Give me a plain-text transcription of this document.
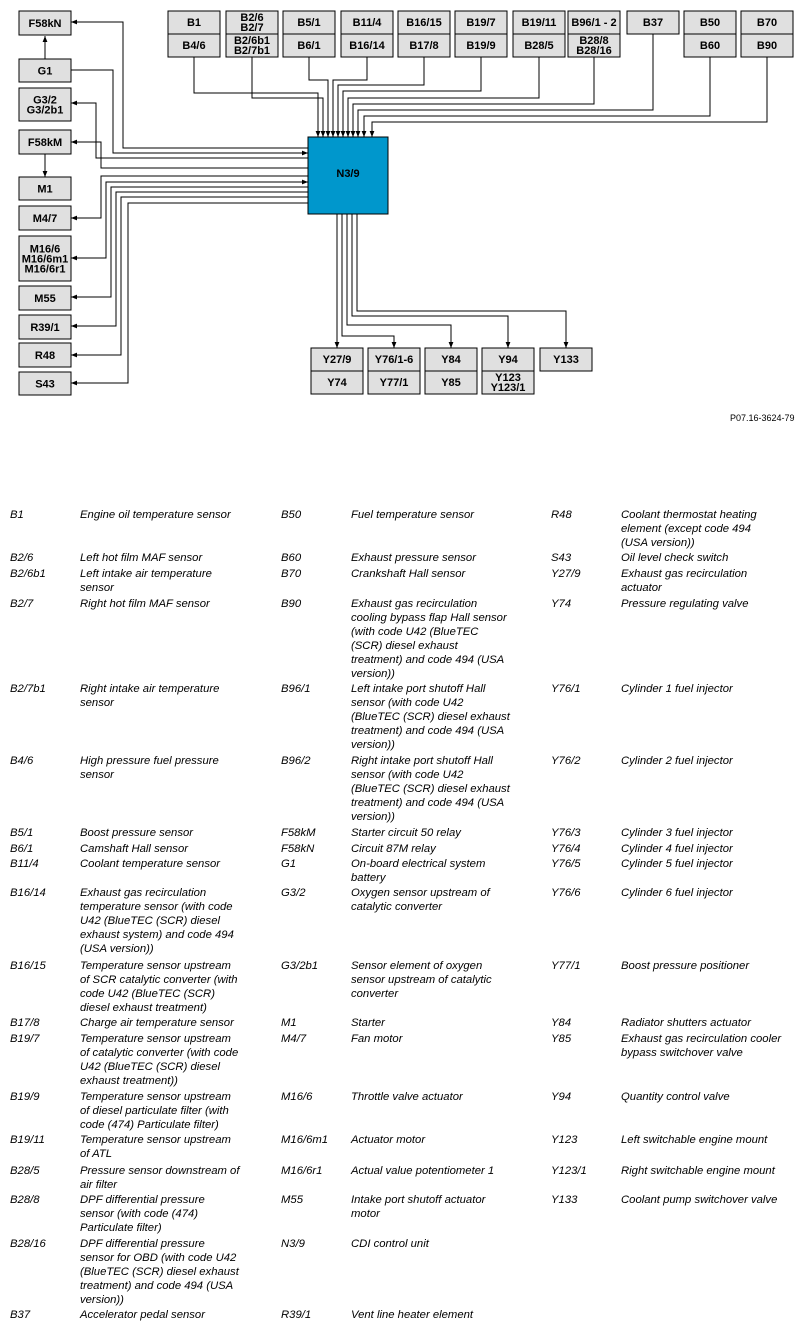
B1
B4/6
B2/6
B2/7
B2/6b1
B2/7b1
B5/1
B6/1
B11/4
B16/14
B16/15
B17/8
B19/7
B19/9
B19/11
B28/5
B96/1 - 2
B28/8
B28/16
B37	B50
B60
B70
B90
F58kN
G1
G3/2
G3/2b1
F58kM
M1
M4/7
M16/6
M16/6m1
M16/6r1
M55
R39/1
R48
S43
Y27/9
Y74
Y76/1-6
Y77/1
Y84
Y85
Y94
Y123
Y123/1
Y133
N3/9
P07.16-3624-79
B1	Engine oil temperature sensor
B2/6	Left hot film MAF sensor
B2/6b1	Left intake air temperature
sensor
B2/7	Right hot film MAF sensor
B2/7b1	Right intake air temperature
sensor
B4/6	High pressure fuel pressure
sensor
B5/1	Boost pressure sensor
B6/1	Camshaft Hall sensor
B11/4	Coolant temperature sensor
B16/14	Exhaust gas recirculation
temperature sensor (with code
U42 (BlueTEC (SCR) diesel
exhaust system) and code 494
(USA version))
B16/15	Temperature sensor upstream
of SCR catalytic converter (with
code U42 (BlueTEC (SCR)
diesel exhaust treatment)
B17/8	Charge air temperature sensor
B19/7	Temperature sensor upstream
of catalytic converter (with code
U42 (BlueTEC (SCR) diesel
exhaust treatment))
B19/9	Temperature sensor upstream
of diesel particulate filter (with
code (474) Particulate filter)
B19/11	Temperature sensor upstream
of ATL
B28/5	Pressure sensor downstream of
air filter
B28/8	DPF differential pressure
sensor (with code (474)
Particulate filter)
B28/16	DPF differential pressure
sensor for OBD (with code U42
(BlueTEC (SCR) diesel exhaust
treatment) and code 494 (USA
version))
B37	Accelerator pedal sensor
B50	Fuel temperature sensor
B60	Exhaust pressure sensor
B70	Crankshaft Hall sensor
B90	Exhaust gas recirculation
cooling bypass flap Hall sensor
(with code U42 (BlueTEC
(SCR) diesel exhaust
treatment) and code 494 (USA
version))
B96/1	Left intake port shutoff Hall
sensor (with code U42
(BlueTEC (SCR) diesel exhaust
treatment) and code 494 (USA
version))
B96/2	Right intake port shutoff Hall
sensor (with code U42
(BlueTEC (SCR) diesel exhaust
treatment) and code 494 (USA
version))
F58kM	Starter circuit 50 relay
F58kN	Circuit 87M relay
G1	On-board electrical system
battery
G3/2	Oxygen sensor upstream of
catalytic converter
G3/2b1	Sensor element of oxygen
sensor upstream of catalytic
converter
M1	Starter
M4/7	Fan motor
M16/6	Throttle valve actuator
M16/6m1	Actuator motor
M16/6r1	Actual value potentiometer 1
M55	Intake port shutoff actuator
motor
N3/9	CDI control unit
R39/1	Vent line heater element
R48	Coolant thermostat heating
element (except code 494
(USA version))
S43	Oil level check switch
Y27/9	Exhaust gas recirculation
actuator
Y74	Pressure regulating valve
Y76/1	Cylinder 1 fuel injector
Y76/2	Cylinder 2 fuel injector
Y76/3	Cylinder 3 fuel injector
Y76/4	Cylinder 4 fuel injector
Y76/5	Cylinder 5 fuel injector
Y76/6	Cylinder 6 fuel injector
Y77/1	Boost pressure positioner
Y84	Radiator shutters actuator
Y85	Exhaust gas recirculation cooler
bypass switchover valve
Y94	Quantity control valve
Y123	Left switchable engine mount
Y123/1	Right switchable engine mount
Y133	Coolant pump switchover valve
